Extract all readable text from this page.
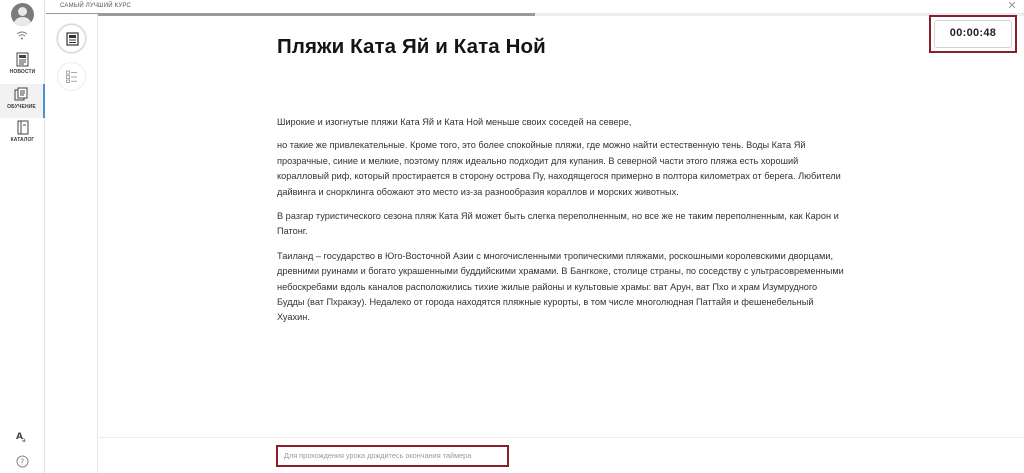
НОВОСТИ
ОБУЧЕНИЕ
КАТАЛОГ
A a
?
САМЫЙ ЛУЧШИЙ КУРС	✕
00:00:48
Пляжи Ката Яй и Ката Ной

Широкие и изогнутые пляжи Ката Яй и Ката Ной меньше своих соседей на севере,

но такие же привлекательные. Кроме того, это более спокойные пляжи, где можно найти естественную тень. Воды Ката Яй прозрачные, синие и мелкие, поэтому пляж идеально подходит для купания. В северной части этого пляжа есть хороший коралловый риф, который простирается в сторону острова Пу, находящегося примерно в полтора километрах от берега. Любители дайвинга и снорклинга обожают это место из-за разнообразия кораллов и морских животных.

В разгар туристического сезона пляж Ката Яй может быть слегка переполненным, но все же не таким переполненным, как Карон и Патонг.

Таиланд – государство в Юго-Восточной Азии с многочисленными тропическими пляжами, роскошными королевскими дворцами, древними руинами и богато украшенными буддийскими храмами. В Бангкоке, столице страны, по соседству с ультрасовременными небоскребами вдоль каналов расположились тихие жилые районы и культовые храмы: ват Арун, ват Пхо и храм Изумрудного Будды (ват Пхракэу). Недалеко от города находятся пляжные курорты, в том числе многолюдная Паттайя и фешенебельный Хуахин.

Для прохождения урока дождитесь окончания таймера
